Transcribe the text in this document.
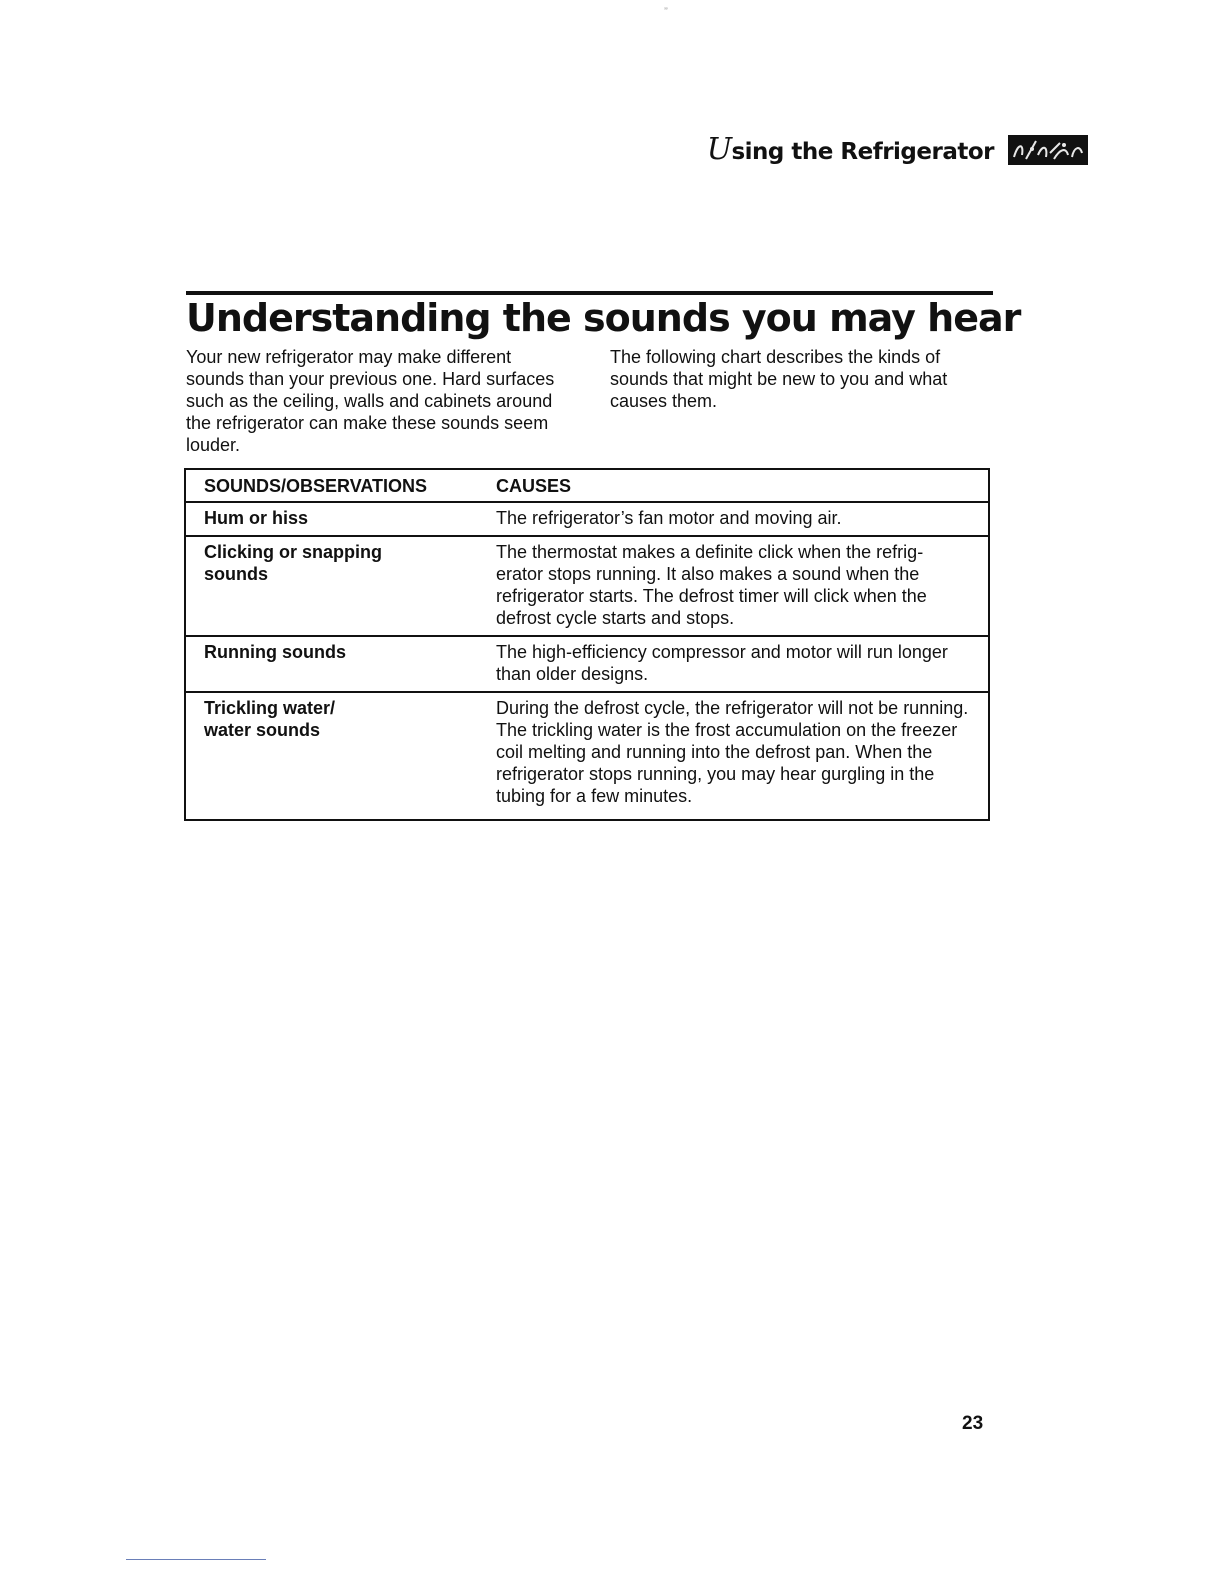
’’
Using the Refrigerator
Understanding the sounds you may hear

Your new refrigerator may make different sounds than your previous one. Hard surfaces such as the ceiling, walls and cabinets around the refrigerator can make these sounds seem louder.

The following chart describes the kinds of sounds that might be new to you and what causes them.

SOUNDS/OBSERVATIONS	CAUSES
Hum or hiss	The refrigerator’s fan motor and moving air.
Clicking or snapping
sounds	The thermostat makes a definite click when the refrig-
erator stops running. It also makes a sound when the refrigerator starts. The defrost timer will click when the defrost cycle starts and stops.
Running sounds	The high-efficiency compressor and motor will run longer than older designs.
Trickling water/
water sounds	During the defrost cycle, the refrigerator will not be running. The trickling water is the frost accumulation on the freezer coil melting and running into the defrost pan. When the refrigerator stops running, you may hear gurgling in the tubing for a few minutes.
23
